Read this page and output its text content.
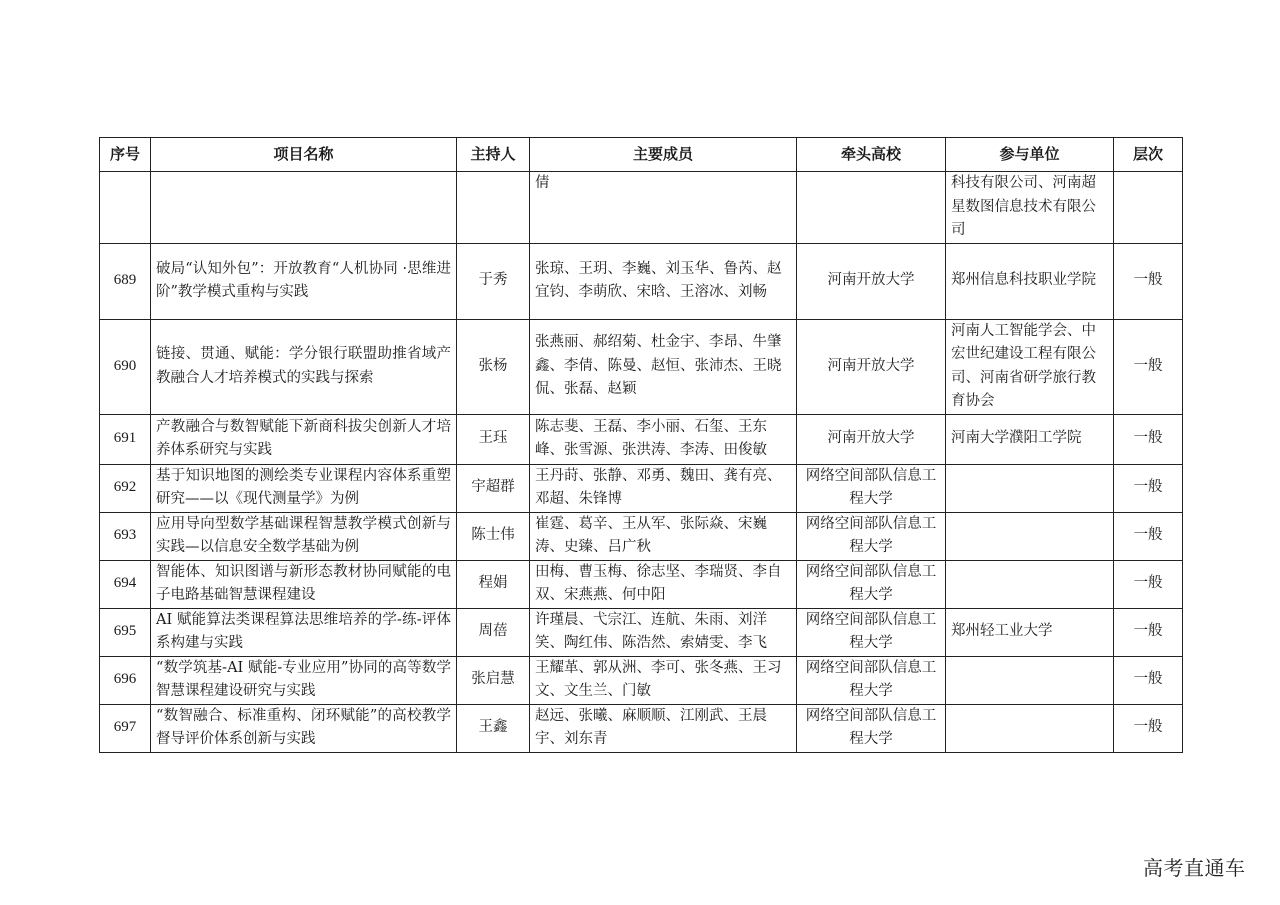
序号	项目名称	主持人	主要成员	牵头高校	参与单位	层次
			倩		科技有限公司、河南超星数图信息技术有限公司	
689	破局“认知外包”：开放教育“人机协同 ·思维进阶”教学模式重构与实践	于秀	张琼、王玥、李巍、刘玉华、鲁芮、赵宜钧、李萌欣、宋晗、王溶冰、刘畅	河南开放大学	郑州信息科技职业学院	一般
690	链接、贯通、赋能：学分银行联盟助推省域产教融合人才培养模式的实践与探索	张杨	张燕丽、郝绍菊、杜金宇、李昂、牛肇鑫、李倩、陈曼、赵恒、张沛杰、王晓侃、张磊、赵颖	河南开放大学	河南人工智能学会、中宏世纪建设工程有限公司、河南省研学旅行教育协会	一般
691	产教融合与数智赋能下新商科拔尖创新人才培养体系研究与实践	王珏	陈志斐、王磊、李小丽、石玺、王东峰、张雪源、张洪涛、李涛、田俊敏	河南开放大学	河南大学濮阳工学院	一般
692	基于知识地图的测绘类专业课程内容体系重塑研究——以《现代测量学》为例	宇超群	王丹莳、张静、邓勇、魏田、龚有亮、邓超、朱锋博	网络空间部队信息工程大学		一般
693	应用导向型数学基础课程智慧教学模式创新与实践—以信息安全数学基础为例	陈士伟	崔霆、葛辛、王从军、张际焱、宋巍涛、史臻、吕广秋	网络空间部队信息工程大学		一般
694	智能体、知识图谱与新形态教材协同赋能的电子电路基础智慧课程建设	程娟	田梅、曹玉梅、徐志坚、李瑞贤、李自双、宋燕燕、何中阳	网络空间部队信息工程大学		一般
695	AI 赋能算法类课程算法思维培养的学-练-评体系构建与实践	周蓓	许瑾晨、弋宗江、连航、朱雨、刘洋笑、陶红伟、陈浩然、索婧雯、李飞	网络空间部队信息工程大学	郑州轻工业大学	一般
696	“数学筑基-AI 赋能-专业应用”协同的高等数学智慧课程建设研究与实践	张启慧	王耀革、郭从洲、李可、张冬燕、王习文、文生兰、门敏	网络空间部队信息工程大学		一般
697	“数智融合、标准重构、闭环赋能”的高校教学督导评价体系创新与实践	王鑫	赵远、张曦、麻顺顺、江刚武、王晨宇、刘东青	网络空间部队信息工程大学		一般
高考直通车
